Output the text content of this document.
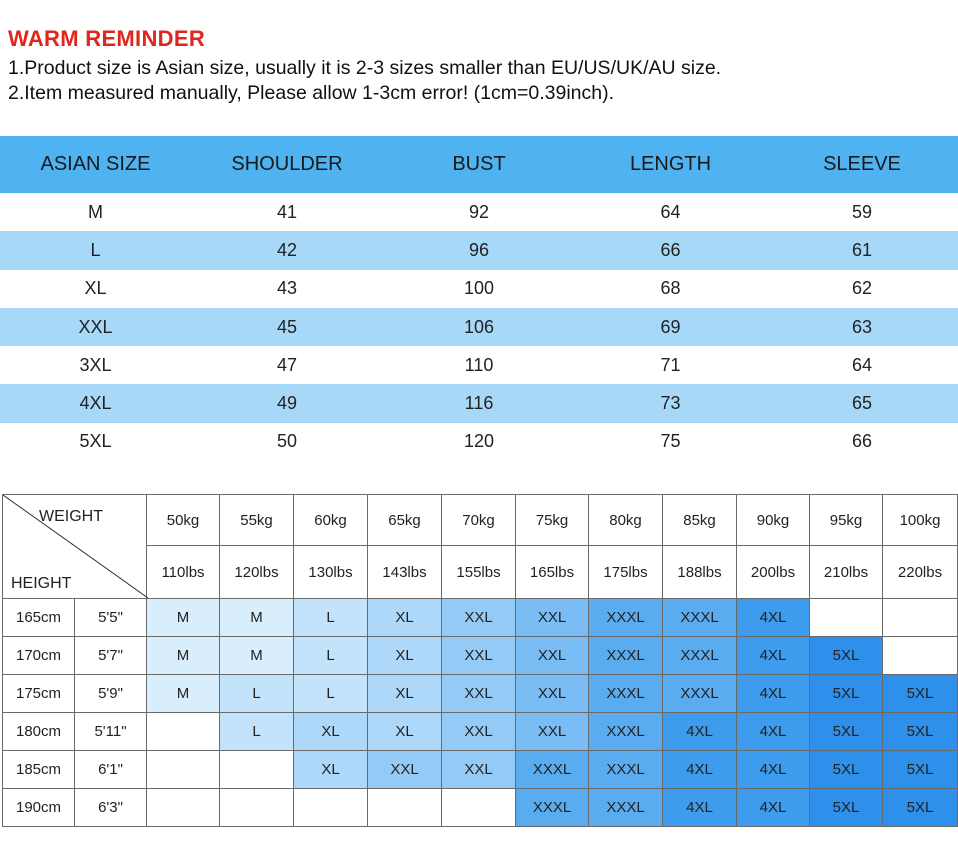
WARM REMINDER
1.Product size is Asian size, usually it is 2-3 sizes smaller than EU/US/UK/AU size.
2.Item measured manually, Please allow 1-3cm error! (1cm=0.39inch).
ASIAN SIZE	SHOULDER	BUST	LENGTH	SLEEVE
M	41	92	64	59
L	42	96	66	61
XL	43	100	68	62
XXL	45	106	69	63
3XL	47	110	71	64
4XL	49	116	73	65
5XL	50	120	75	66
WEIGHT
HEIGHT		50kg	55kg	60kg	65kg	70kg	75kg	80kg	85kg	90kg	95kg	100kg
		110lbs	120lbs	130lbs	143lbs	155lbs	165lbs	175lbs	188lbs	200lbs	210lbs	220lbs
165cm	5'5"	M	M	L	XL	XXL	XXL	XXXL	XXXL	4XL		
170cm	5'7"	M	M	L	XL	XXL	XXL	XXXL	XXXL	4XL	5XL	
175cm	5'9"	M	L	L	XL	XXL	XXL	XXXL	XXXL	4XL	5XL	5XL
180cm	5'11"		L	XL	XL	XXL	XXL	XXXL	4XL	4XL	5XL	5XL
185cm	6'1"			XL	XXL	XXL	XXXL	XXXL	4XL	4XL	5XL	5XL
190cm	6'3"						XXXL	XXXL	4XL	4XL	5XL	5XL
